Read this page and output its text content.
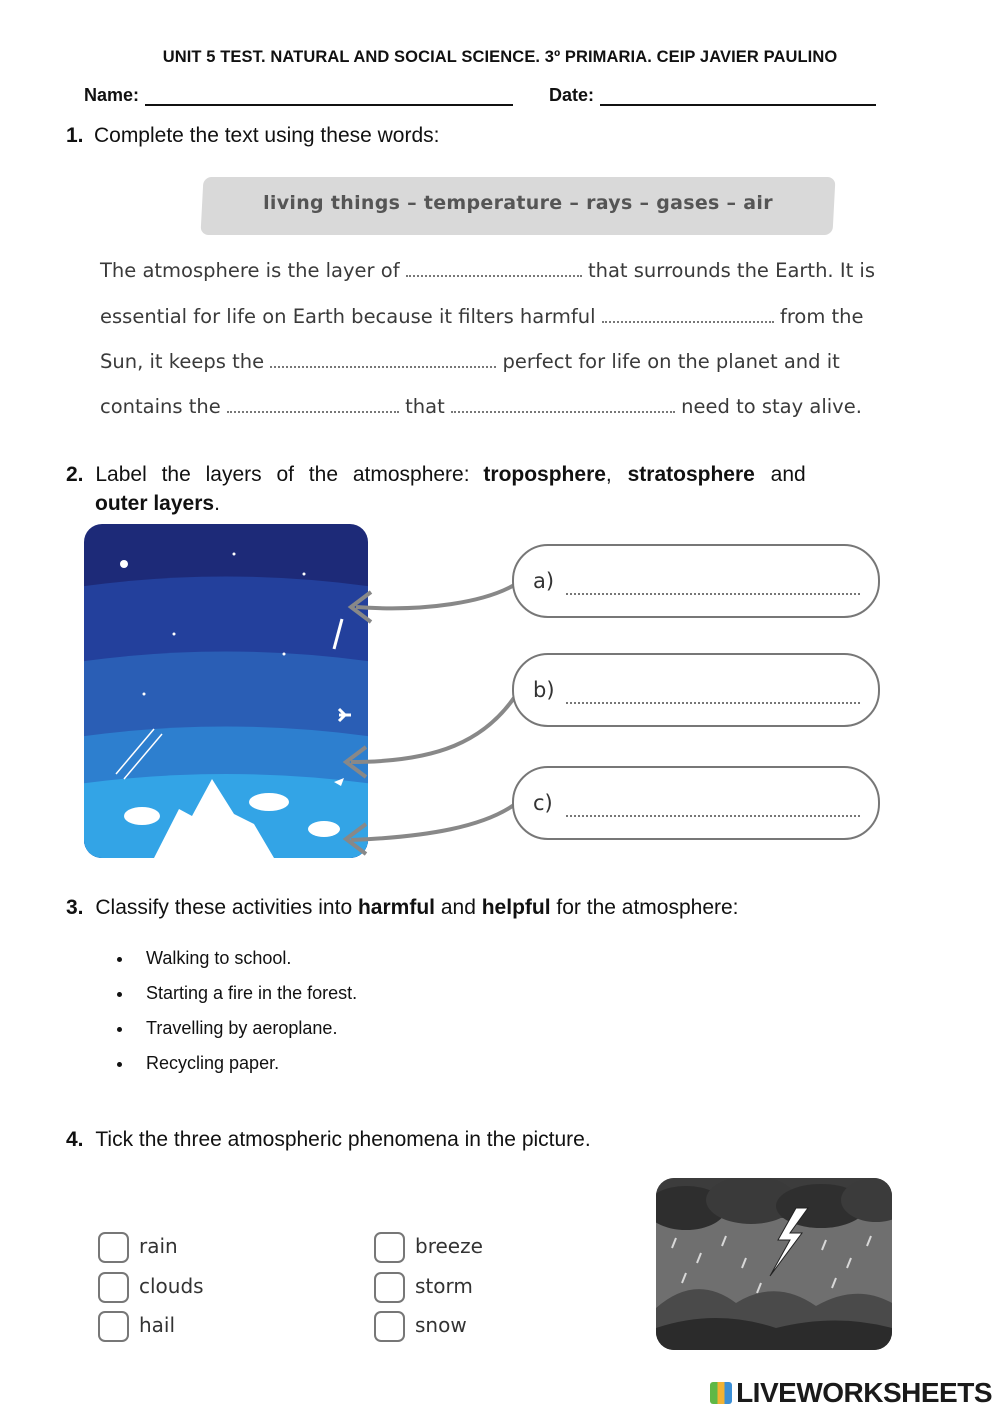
UNIT 5 TEST. NATURAL AND SOCIAL SCIENCE. 3º PRIMARIA. CEIP JAVIER PAULINO
Name:	Date:
1. Complete the text using these words:
living things – temperature – rays – gases – air
The atmosphere is the layer of	that surrounds the Earth. It is
essential for life on Earth because it filters harmful	from the
Sun, it keeps the	perfect for life on the planet and it
contains the	that	need to stay alive.
2. Label the layers of the atmosphere: troposphere, stratosphere and
outer layers.
a)
b)
c)
3. Classify these activities into harmful and helpful for the atmosphere:
• Walking to school.
• Starting a fire in the forest.
• Travelling by aeroplane.
• Recycling paper.
4. Tick the three atmospheric phenomena in the picture.
rain
clouds
hail
breeze
storm
snow
LIVEWORKSHEETS
